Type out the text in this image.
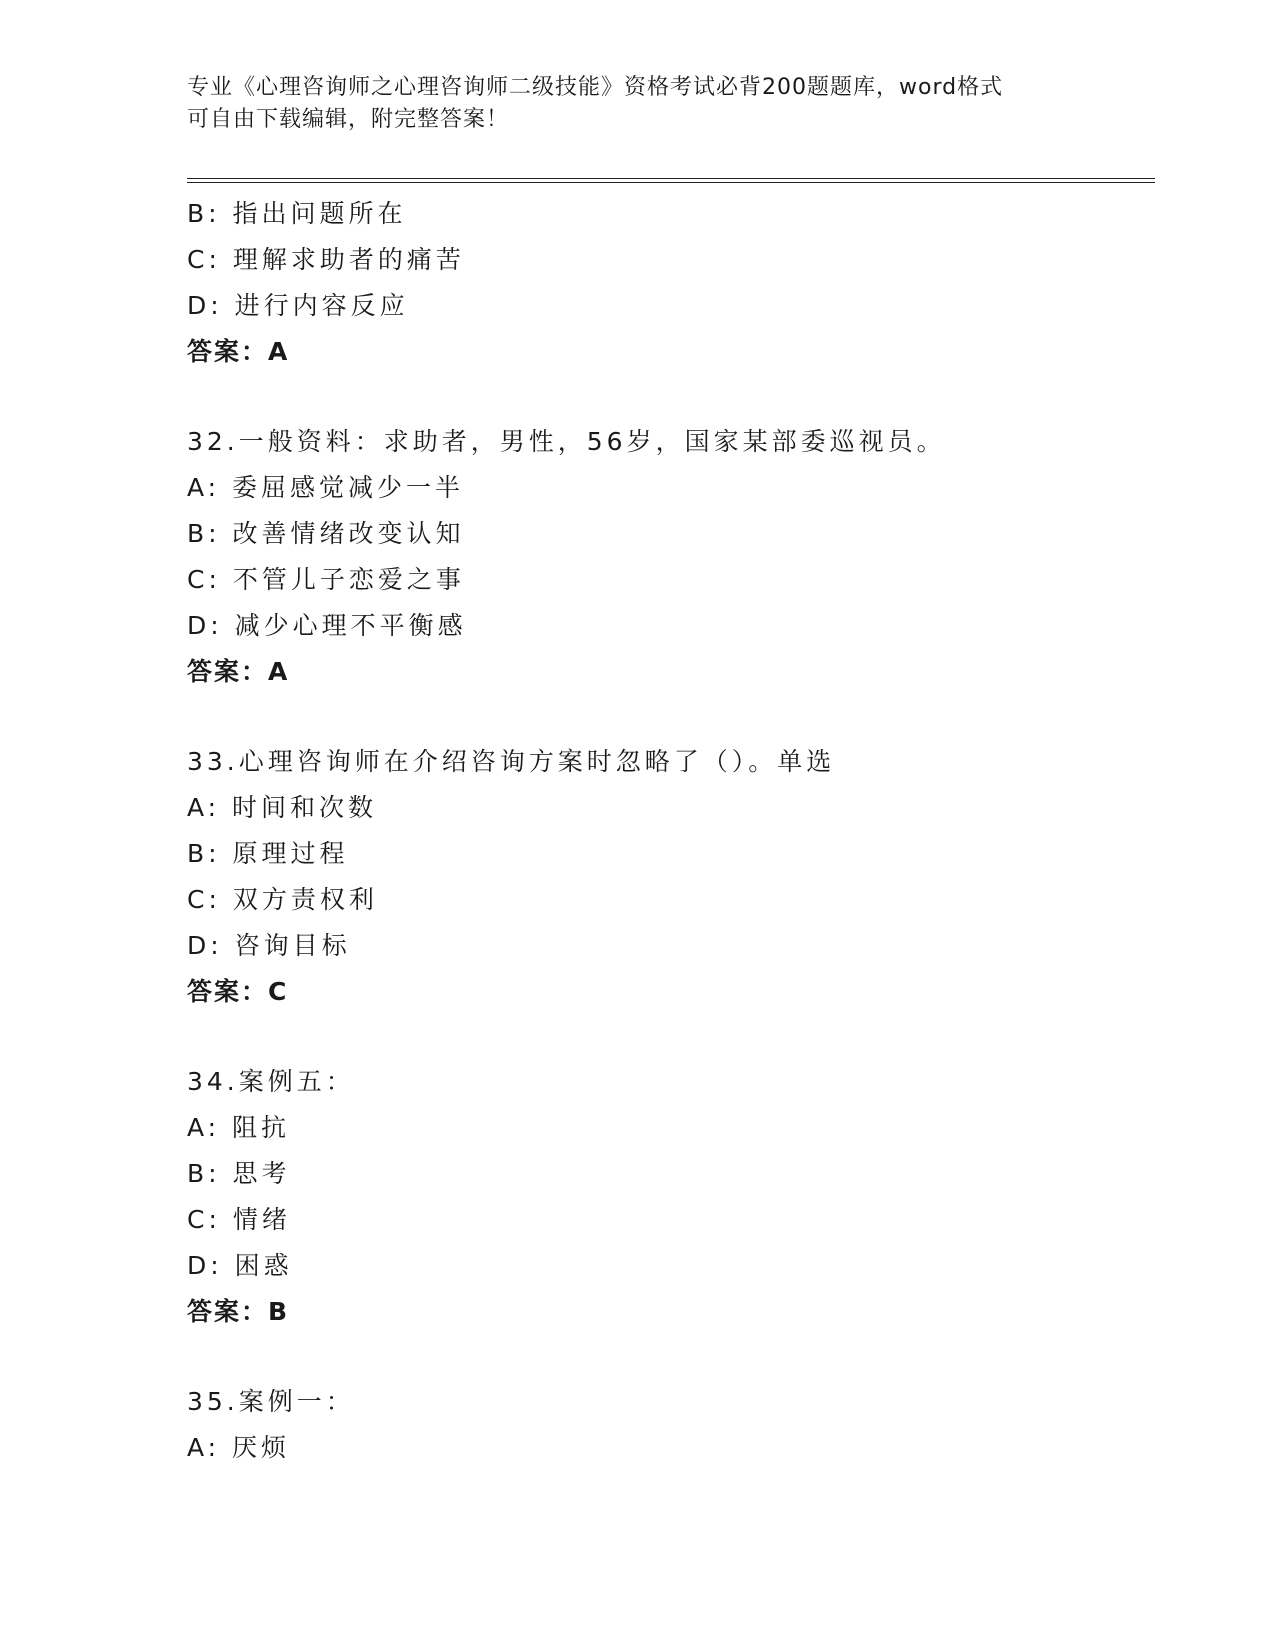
专业《心理咨询师之心理咨询师二级技能》资格考试必背200题题库，word格式
可自由下载编辑，附完整答案！
B: 指出问题所在
C: 理解求助者的痛苦
D: 进行内容反应
答案：A
32.一般资料：求助者，男性，56岁，国家某部委巡视员。
A: 委屈感觉减少一半
B: 改善情绪改变认知
C: 不管儿子恋爱之事
D: 减少心理不平衡感
答案：A
33.心理咨询师在介绍咨询方案时忽略了（）。单选
A: 时间和次数
B: 原理过程
C: 双方责权利
D: 咨询目标
答案：C
34.案例五：
A: 阻抗
B: 思考
C: 情绪
D: 困惑
答案：B
35.案例一：
A: 厌烦
